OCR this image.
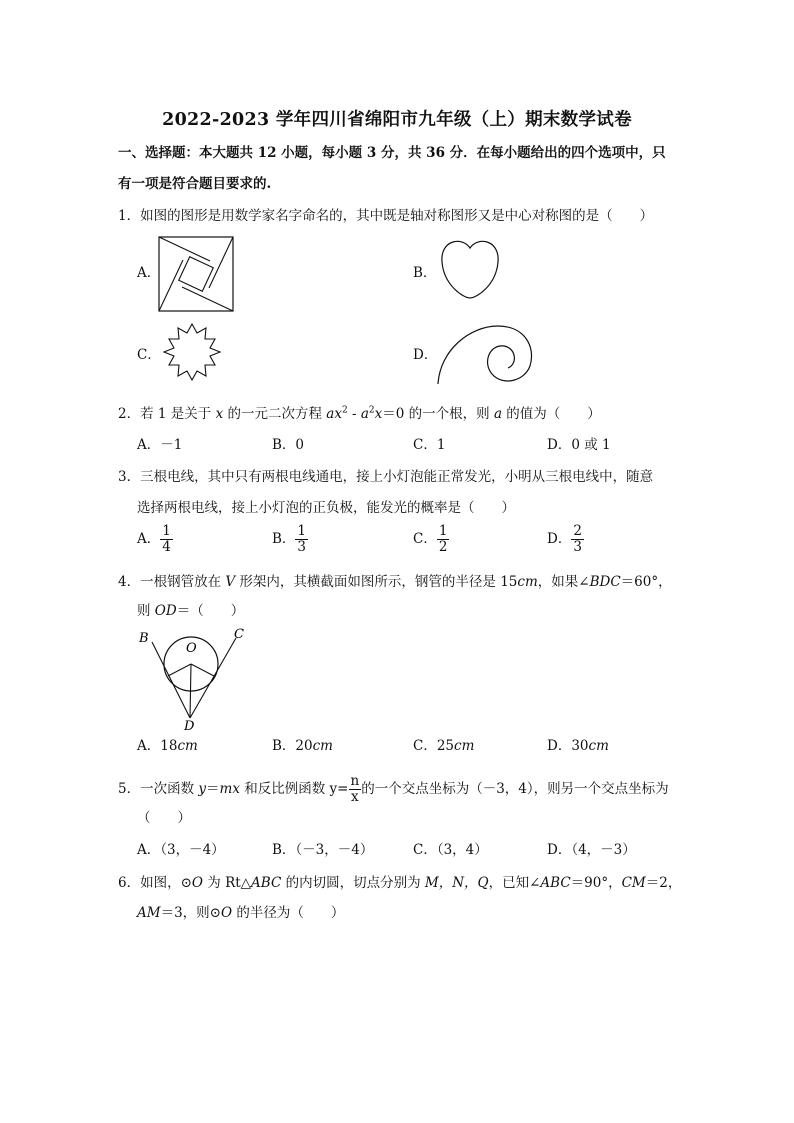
2022-2023 学年四川省绵阳市九年级（上）期末数学试卷
一、选择题：本大题共 12 小题，每小题 3 分，共 36 分．在每小题给出的四个选项中，只
有一项是符合题目要求的.
1．如图的图形是用数学家名字命名的，其中既是轴对称图形又是中心对称图的是（　　）
A．	B．
C．	D．
2．若 1 是关于 x 的一元二次方程 $ax^2 - a^2x=0$ 的一个根，则 a 的值为（　　）
A．－1	B．0	C．1	D．0 或 1
3．三根电线，其中只有两根电线通电，接上小灯泡能正常发光，小明从三根电线中，随意
选择两根电线，接上小灯泡的正负极，能发光的概率是（　　）
A． $\frac{1}{4}$	B． $\frac{1}{3}$	C． $\frac{1}{2}$	D． $\frac{2}{3}$
4．一根钢管放在 V 形架内，其横截面如图所示，钢管的半径是 15cm，如果∠BDC＝60°，
则 OD＝（　　）
B	C
O
D
A．18cm	B．20cm	C．25cm	D．30cm
5．一次函数 y＝mx 和反比例函数 $y= \frac{n}{x}$ 的一个交点坐标为（－3，4），则另一个交点坐标为
（　　）
A．（3，－4）	B．（－3，－4）	C．（3，4）	D．（4，－3）
6．如图，⊙O 为 Rt△ABC 的内切圆，切点分别为 M，N，Q，已知∠ABC＝90°，CM＝2，
AM＝3，则⊙O 的半径为（　　）
